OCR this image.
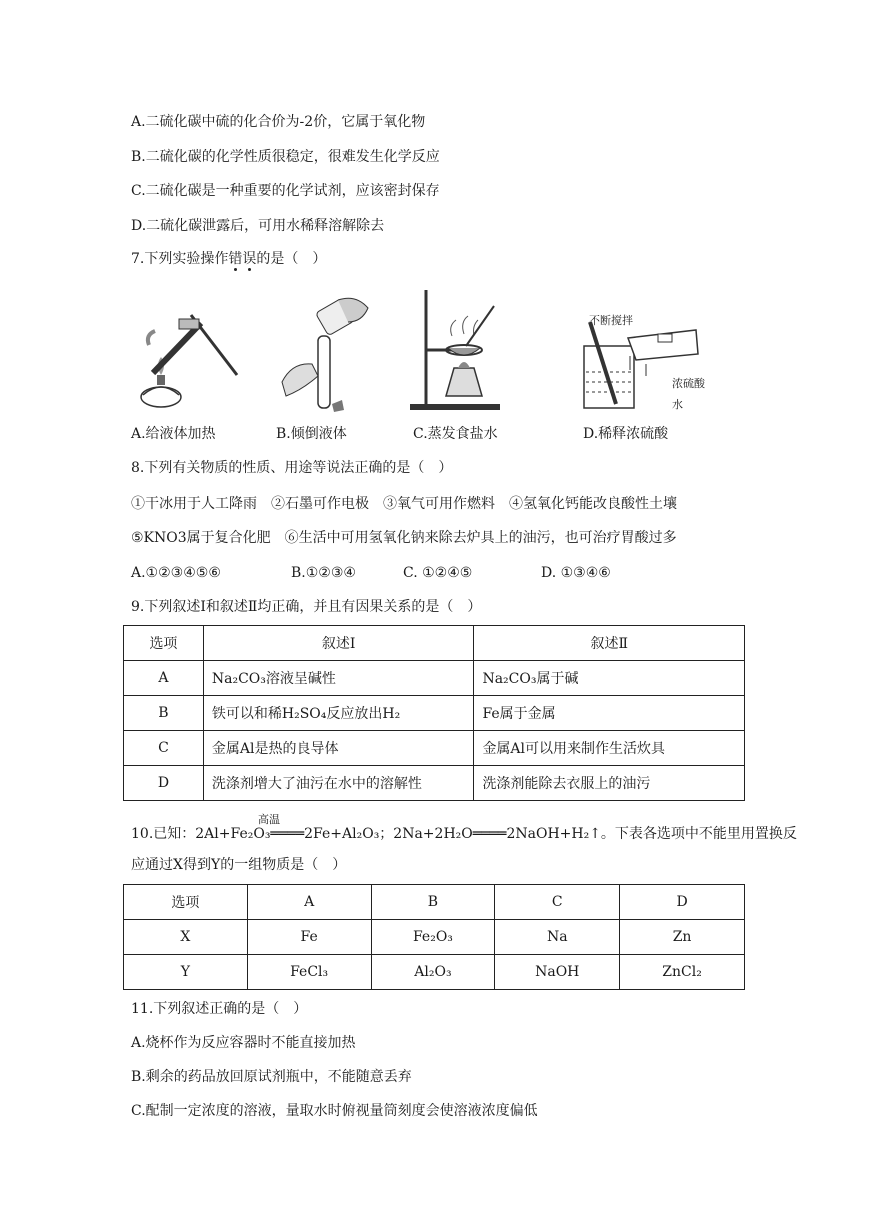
A.二硫化碳中硫的化合价为-2价，它属于氧化物
B.二硫化碳的化学性质很稳定，很难发生化学反应
C.二硫化碳是一种重要的化学试剂，应该密封保存
D.二硫化碳泄露后，可用水稀释溶解除去
7.下列实验操作错误的是（　）
不断搅拌
浓硫酸
水
A.给液体加热	B.倾倒液体	C.蒸发食盐水	D.稀释浓硫酸
8.下列有关物质的性质、用途等说法正确的是（　）
①干冰用于人工降雨　②石墨可作电极　③氧气可用作燃料　④氢氧化钙能改良酸性土壤
⑤KNO3属于复合化肥　⑥生活中可用氢氧化钠来除去炉具上的油污，也可治疗胃酸过多
A.①②③④⑤⑥	B.①②③④	C. ①②④⑤	D. ①③④⑥
9.下列叙述Ⅰ和叙述Ⅱ均正确，并且有因果关系的是（　）
选项	叙述Ⅰ	叙述Ⅱ
A	Na₂CO₃溶液呈碱性	Na₂CO₃属于碱
B	铁可以和稀H₂SO₄反应放出H₂	Fe属于金属
C	金属Al是热的良导体	金属Al可以用来制作生活炊具
D	洗涤剂增大了油污在水中的溶解性	洗涤剂能除去衣服上的油污
高温
10.已知：2Al+Fe₂O₃════2Fe+Al₂O₃；2Na+2H₂O════2NaOH+H₂↑。下表各选项中不能里用置换反
应通过X得到Y的一组物质是（　）
选项	A	B	C	D
X	Fe	Fe₂O₃	Na	Zn
Y	FeCl₃	Al₂O₃	NaOH	ZnCl₂
11.下列叙述正确的是（　）
A.烧杯作为反应容器时不能直接加热
B.剩余的药品放回原试剂瓶中，不能随意丢弃
C.配制一定浓度的溶液，量取水时俯视量筒刻度会使溶液浓度偏低
